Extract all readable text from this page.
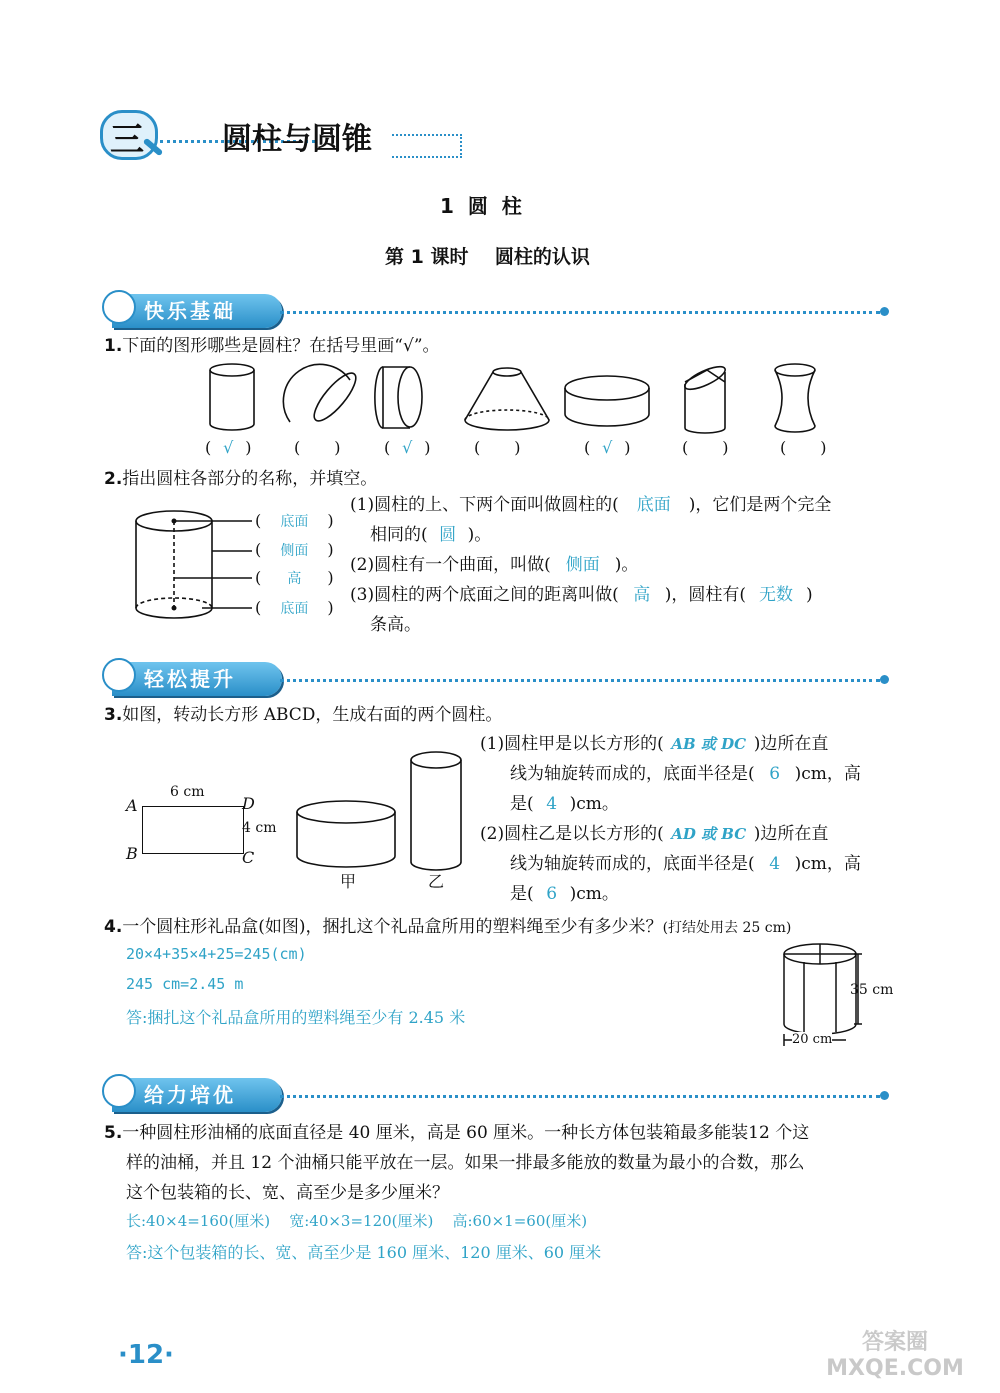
三	圆柱与圆锥
1  圆  柱
第 1 课时    圆柱的认识
快乐基础
1.下面的图形哪些是圆柱？在括号里画“√”。
( √ )	( )	( √ )	( )	( √ )	( )	( )
2.指出圆柱各部分的名称，并填空。
( 底面 )
( 侧面 )
( 高 )
( 底面 )
(1)圆柱的上、下两个面叫做圆柱的( 底面 )，它们是两个完全
相同的( 圆 )。
(2)圆柱有一个曲面，叫做( 侧面 )。
(3)圆柱的两个底面之间的距离叫做( 高 )，圆柱有( 无数 )
条高。
轻松提升
3.如图，转动长方形 ABCD，生成右面的两个圆柱。
A
B	C
D
6 cm
4 cm
甲	乙
(1)圆柱甲是以长方形的( AB 或 DC )边所在直
线为轴旋转而成的，底面半径是( 6 )cm，高
是( 4 )cm。
(2)圆柱乙是以长方形的( AD 或 BC )边所在直
线为轴旋转而成的，底面半径是( 4 )cm，高
是( 6 )cm。
4.一个圆柱形礼品盒(如图)，捆扎这个礼品盒所用的塑料绳至少有多少米？(打结处用去 25 cm)
20×4+35×4+25=245(cm)
245 cm=2.45 m
答:捆扎这个礼品盒所用的塑料绳至少有 2.45 米
35 cm
20 cm
给力培优
5.一种圆柱形油桶的底面直径是 40 厘米，高是 60 厘米。一种长方体包装箱最多能装12 个这
样的油桶，并且 12 个油桶只能平放在一层。如果一排最多能放的数量为最小的合数，那么
这个包装箱的长、宽、高至少是多少厘米？
长:40×4=160(厘米)    宽:40×3=120(厘米)    高:60×1=60(厘米)
答:这个包装箱的长、宽、高至少是 160 厘米、120 厘米、60 厘米
·12·	答案圈 MXQE.COM
